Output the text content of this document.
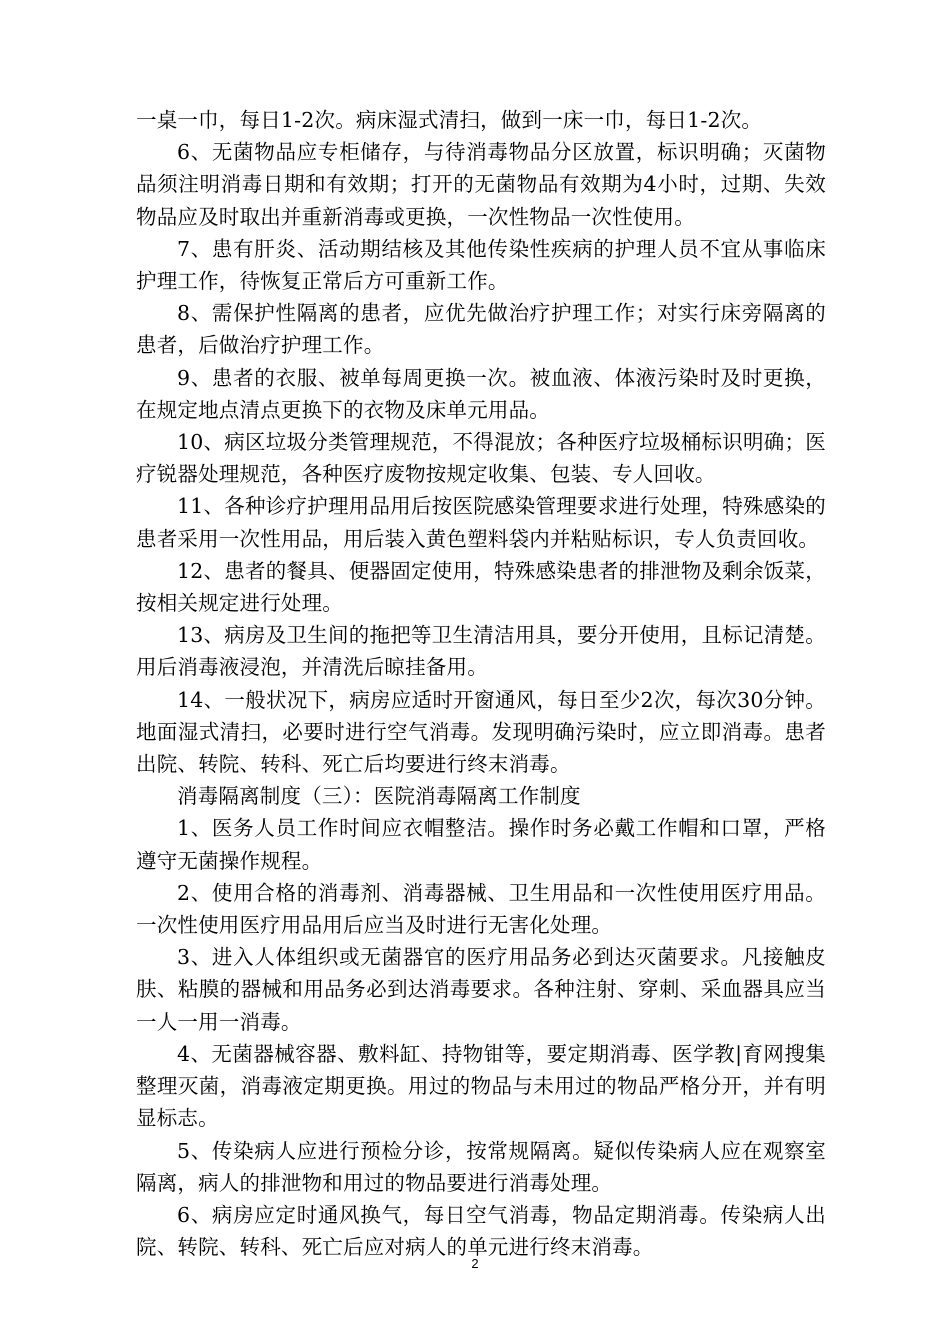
一桌一巾，每日1-2次。病床湿式清扫，做到一床一巾，每日1-2次。

6、无菌物品应专柜储存，与待消毒物品分区放置，标识明确；灭菌物品须注明消毒日期和有效期；打开的无菌物品有效期为4小时，过期、失效物品应及时取出并重新消毒或更换，一次性物品一次性使用。

7、患有肝炎、活动期结核及其他传染性疾病的护理人员不宜从事临床护理工作，待恢复正常后方可重新工作。

8、需保护性隔离的患者，应优先做治疗护理工作；对实行床旁隔离的患者，后做治疗护理工作。

9、患者的衣服、被单每周更换一次。被血液、体液污染时及时更换，在规定地点清点更换下的衣物及床单元用品。

10、病区垃圾分类管理规范，不得混放；各种医疗垃圾桶标识明确；医疗锐器处理规范，各种医疗废物按规定收集、包装、专人回收。

11、各种诊疗护理用品用后按医院感染管理要求进行处理，特殊感染的患者采用一次性用品，用后装入黄色塑料袋内并粘贴标识，专人负责回收。

12、患者的餐具、便器固定使用，特殊感染患者的排泄物及剩余饭菜，按相关规定进行处理。

13、病房及卫生间的拖把等卫生清洁用具，要分开使用，且标记清楚。用后消毒液浸泡，并清洗后晾挂备用。

14、一般状况下，病房应适时开窗通风，每日至少2次，每次30分钟。地面湿式清扫，必要时进行空气消毒。发现明确污染时，应立即消毒。患者出院、转院、转科、死亡后均要进行终末消毒。

消毒隔离制度（三）：医院消毒隔离工作制度

1、医务人员工作时间应衣帽整洁。操作时务必戴工作帽和口罩，严格遵守无菌操作规程。

2、使用合格的消毒剂、消毒器械、卫生用品和一次性使用医疗用品。一次性使用医疗用品用后应当及时进行无害化处理。

3、进入人体组织或无菌器官的医疗用品务必到达灭菌要求。凡接触皮肤、粘膜的器械和用品务必到达消毒要求。各种注射、穿刺、采血器具应当一人一用一消毒。

4、无菌器械容器、敷料缸、持物钳等，要定期消毒、医学教|育网搜集整理灭菌，消毒液定期更换。用过的物品与未用过的物品严格分开，并有明显标志。

5、传染病人应进行预检分诊，按常规隔离。疑似传染病人应在观察室隔离，病人的排泄物和用过的物品要进行消毒处理。

6、病房应定时通风换气，每日空气消毒，物品定期消毒。传染病人出院、转院、转科、死亡后应对病人的单元进行终末消毒。

2
